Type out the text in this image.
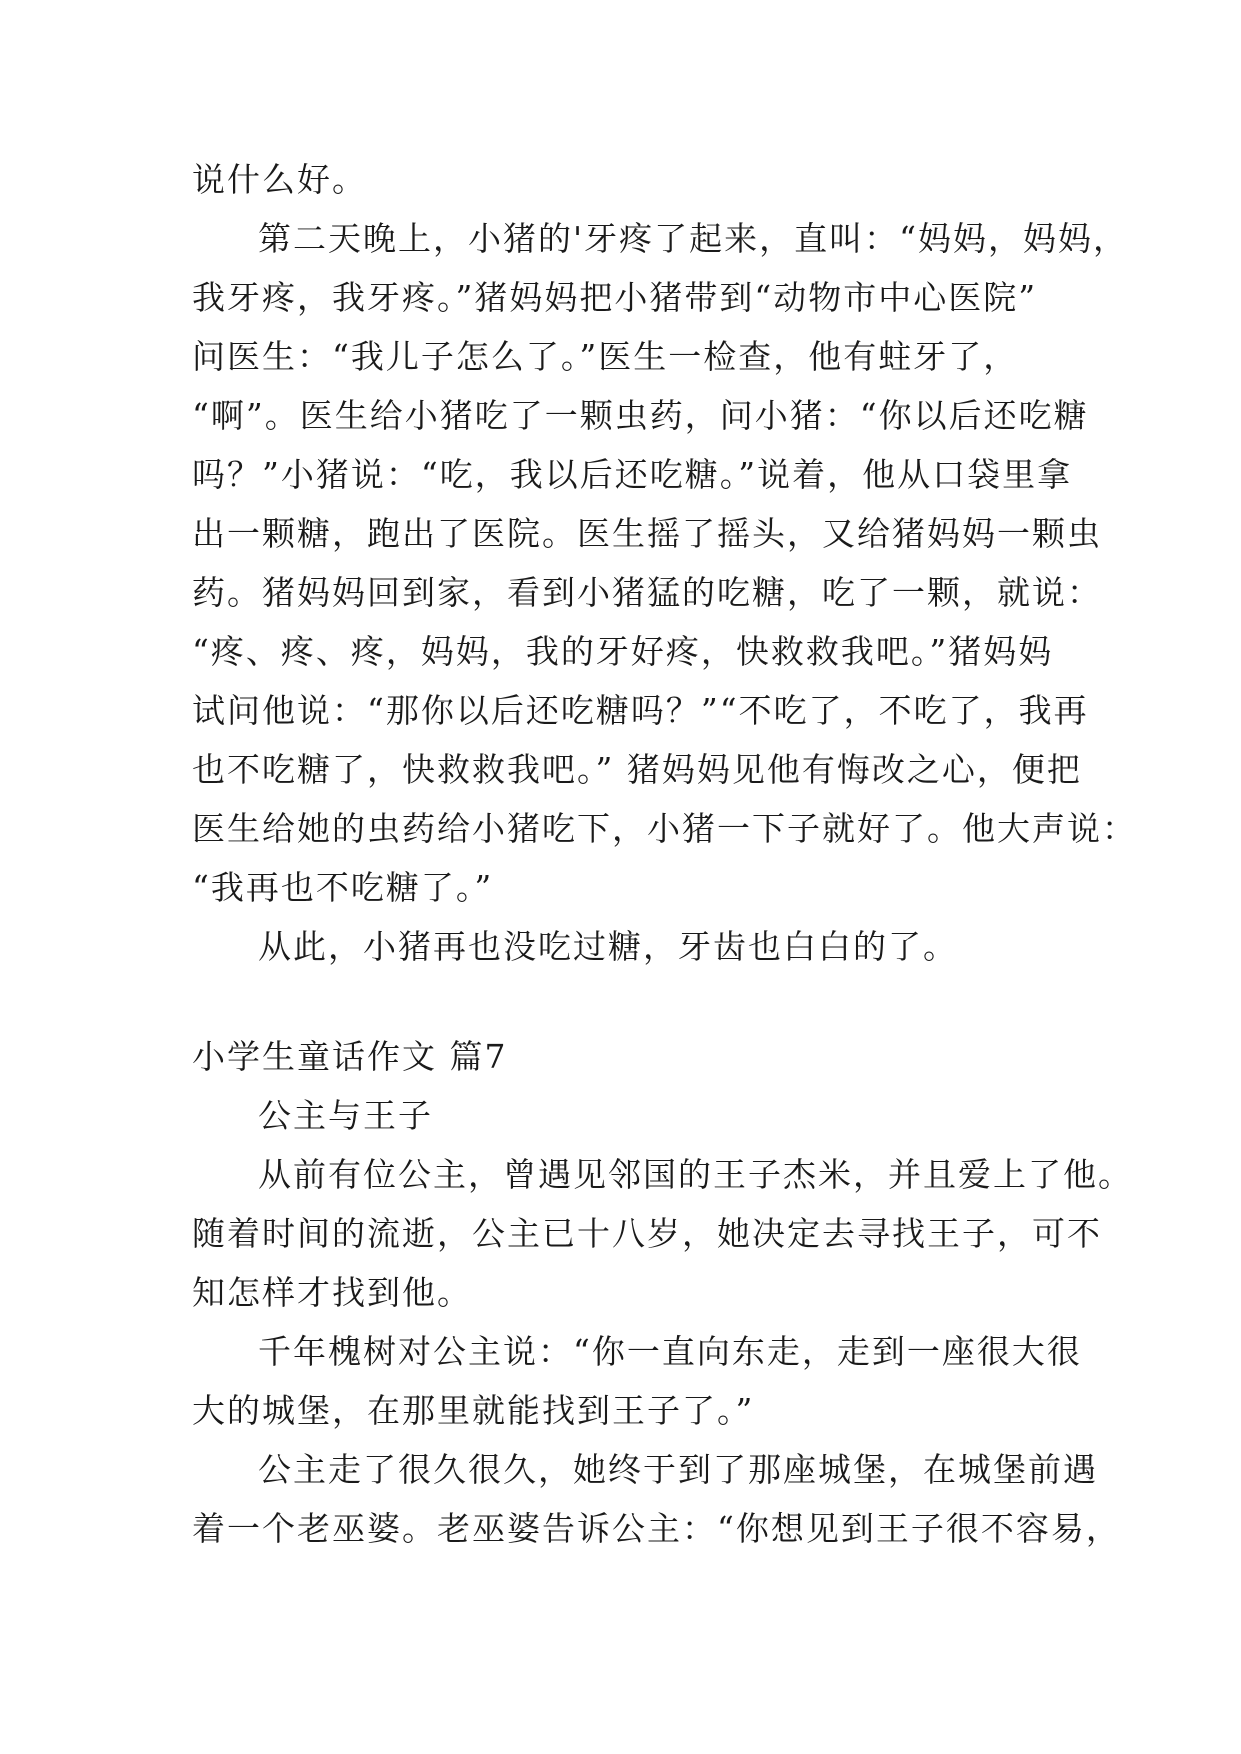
说什么好。
第二天晚上，小猪的'牙疼了起来，直叫：“妈妈，妈妈，
我牙疼，我牙疼。”猪妈妈把小猪带到“动物市中心医院”
问医生：“我儿子怎么了。”医生一检查，他有蛀牙了，
“啊”。医生给小猪吃了一颗虫药，问小猪：“你以后还吃糖
吗？”小猪说：“吃，我以后还吃糖。”说着，他从口袋里拿
出一颗糖，跑出了医院。医生摇了摇头，又给猪妈妈一颗虫
药。猪妈妈回到家，看到小猪猛的吃糖，吃了一颗，就说：
“疼、疼、疼，妈妈，我的牙好疼，快救救我吧。”猪妈妈
试问他说：“那你以后还吃糖吗？”“不吃了，不吃了，我再
也不吃糖了，快救救我吧。” 猪妈妈见他有悔改之心，便把
医生给她的虫药给小猪吃下，小猪一下子就好了。他大声说：
“我再也不吃糖了。”
从此，小猪再也没吃过糖，牙齿也白白的了。
小学生童话作文 篇7
公主与王子
从前有位公主，曾遇见邻国的王子杰米，并且爱上了他。
随着时间的流逝，公主已十八岁，她决定去寻找王子，可不
知怎样才找到他。
千年槐树对公主说：“你一直向东走，走到一座很大很
大的城堡，在那里就能找到王子了。”
公主走了很久很久，她终于到了那座城堡，在城堡前遇
着一个老巫婆。老巫婆告诉公主：“你想见到王子很不容易，
